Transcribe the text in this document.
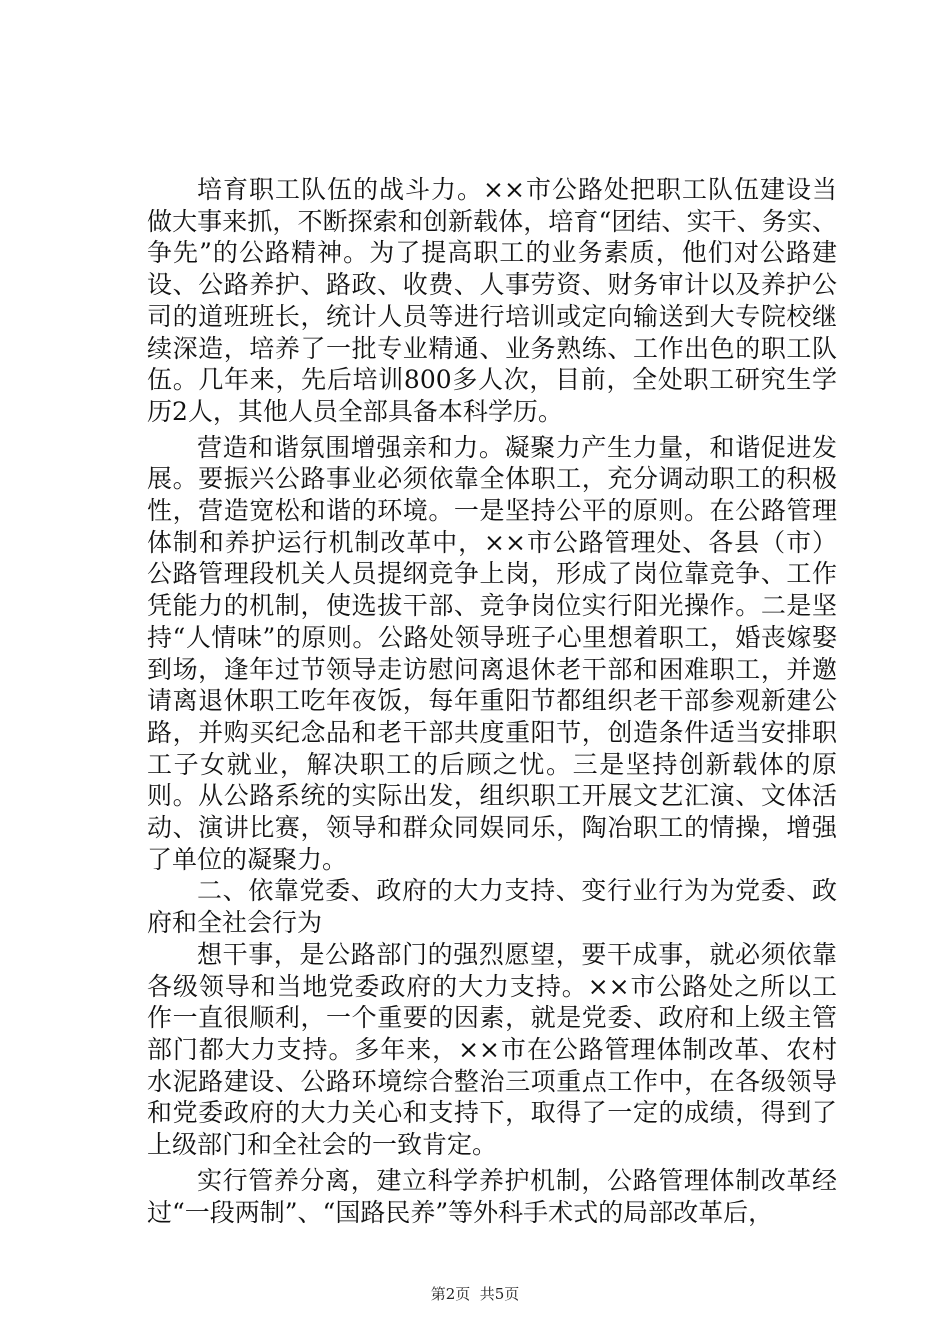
培育职工队伍的战斗力。××市公路处把职工队伍建设当做大事来抓，不断探索和创新载体，培育“团结、实干、务实、争先”的公路精神。为了提高职工的业务素质，他们对公路建设、公路养护、路政、收费、人事劳资、财务审计以及养护公司的道班班长，统计人员等进行培训或定向输送到大专院校继续深造，培养了一批专业精通、业务熟练、工作出色的职工队伍。几年来，先后培训800多人次，目前，全处职工研究生学历2人，其他人员全部具备本科学历。

营造和谐氛围增强亲和力。凝聚力产生力量，和谐促进发展。要振兴公路事业必须依靠全体职工，充分调动职工的积极性，营造宽松和谐的环境。一是坚持公平的原则。在公路管理体制和养护运行机制改革中，××市公路管理处、各县（市）公路管理段机关人员提纲竞争上岗，形成了岗位靠竞争、工作凭能力的机制，使选拔干部、竞争岗位实行阳光操作。二是坚持“人情味”的原则。公路处领导班子心里想着职工，婚丧嫁娶到场，逢年过节领导走访慰问离退休老干部和困难职工，并邀请离退休职工吃年夜饭，每年重阳节都组织老干部参观新建公路，并购买纪念品和老干部共度重阳节，创造条件适当安排职工子女就业，解决职工的后顾之忧。三是坚持创新载体的原则。从公路系统的实际出发，组织职工开展文艺汇演、文体活动、演讲比赛，领导和群众同娱同乐，陶冶职工的情操，增强了单位的凝聚力。

二、依靠党委、政府的大力支持、变行业行为为党委、政府和全社会行为

想干事，是公路部门的强烈愿望，要干成事，就必须依靠各级领导和当地党委政府的大力支持。××市公路处之所以工作一直很顺利，一个重要的因素，就是党委、政府和上级主管部门都大力支持。多年来，××市在公路管理体制改革、农村水泥路建设、公路环境综合整治三项重点工作中，在各级领导和党委政府的大力关心和支持下，取得了一定的成绩，得到了上级部门和全社会的一致肯定。

实行管养分离，建立科学养护机制，公路管理体制改革经过“一段两制”、“国路民养”等外科手术式的局部改革后，

第2页  共5页
